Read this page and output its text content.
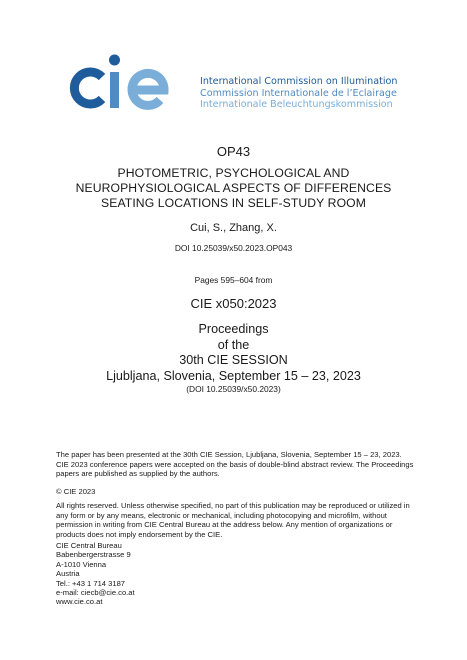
International Commission on Illumination
Commission Internationale de l’Eclairage
Internationale Beleuchtungskommission
OP43
PHOTOMETRIC, PSYCHOLOGICAL AND
NEUROPHYSIOLOGICAL ASPECTS OF DIFFERENCES
SEATING LOCATIONS IN SELF-STUDY ROOM
Cui, S., Zhang, X.
DOI 10.25039/x50.2023.OP043
Pages 595–604 from
CIE x050:2023
Proceedings
of the
30th CIE SESSION
Ljubljana, Slovenia, September 15 – 23, 2023
(DOI 10.25039/x50.2023)
The paper has been presented at the 30th CIE Session, Ljubljana, Slovenia, September 15 – 23, 2023. CIE 2023 conference papers were accepted on the basis of double-blind abstract review. The Proceedings papers are published as supplied by the authors.
© CIE 2023
All rights reserved. Unless otherwise specified, no part of this publication may be reproduced or utilized in any form or by any means, electronic or mechanical, including photocopying and microfilm, without permission in writing from CIE Central Bureau at the address below. Any mention of organizations or products does not imply endorsement by the CIE.
CIE Central Bureau
Babenbergerstrasse 9
A-1010 Vienna
Austria
Tel.: +43 1 714 3187
e-mail: ciecb@cie.co.at
www.cie.co.at
